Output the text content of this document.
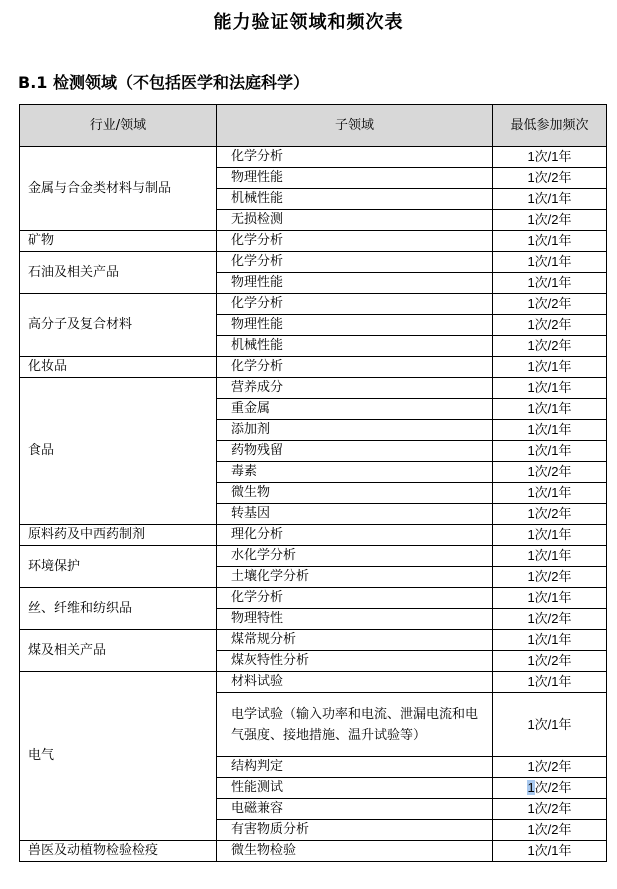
能力验证领域和频次表
B.1 检测领域（不包括医学和法庭科学）
行业/领域	子领域	最低参加频次
金属与合金类材料与制品	化学分析	1次/1年
	物理性能	1次/2年
	机械性能	1次/1年
	无损检测	1次/2年
矿物	化学分析	1次/1年
石油及相关产品	化学分析	1次/1年
	物理性能	1次/1年
高分子及复合材料	化学分析	1次/2年
	物理性能	1次/2年
	机械性能	1次/2年
化妆品	化学分析	1次/1年
食品	营养成分	1次/1年
	重金属	1次/1年
	添加剂	1次/1年
	药物残留	1次/1年
	毒素	1次/2年
	微生物	1次/1年
	转基因	1次/2年
原料药及中西药制剂	理化分析	1次/1年
环境保护	水化学分析	1次/1年
	土壤化学分析	1次/2年
丝、纤维和纺织品	化学分析	1次/1年
	物理特性	1次/2年
煤及相关产品	煤常规分析	1次/1年
	煤灰特性分析	1次/2年
电气	材料试验	1次/1年
	电学试验（输入功率和电流、泄漏电流和电气强度、接地措施、温升试验等）	1次/1年
	结构判定	1次/2年
	性能测试	1次/2年
	电磁兼容	1次/2年
	有害物质分析	1次/2年
兽医及动植物检验检疫	微生物检验	1次/1年
